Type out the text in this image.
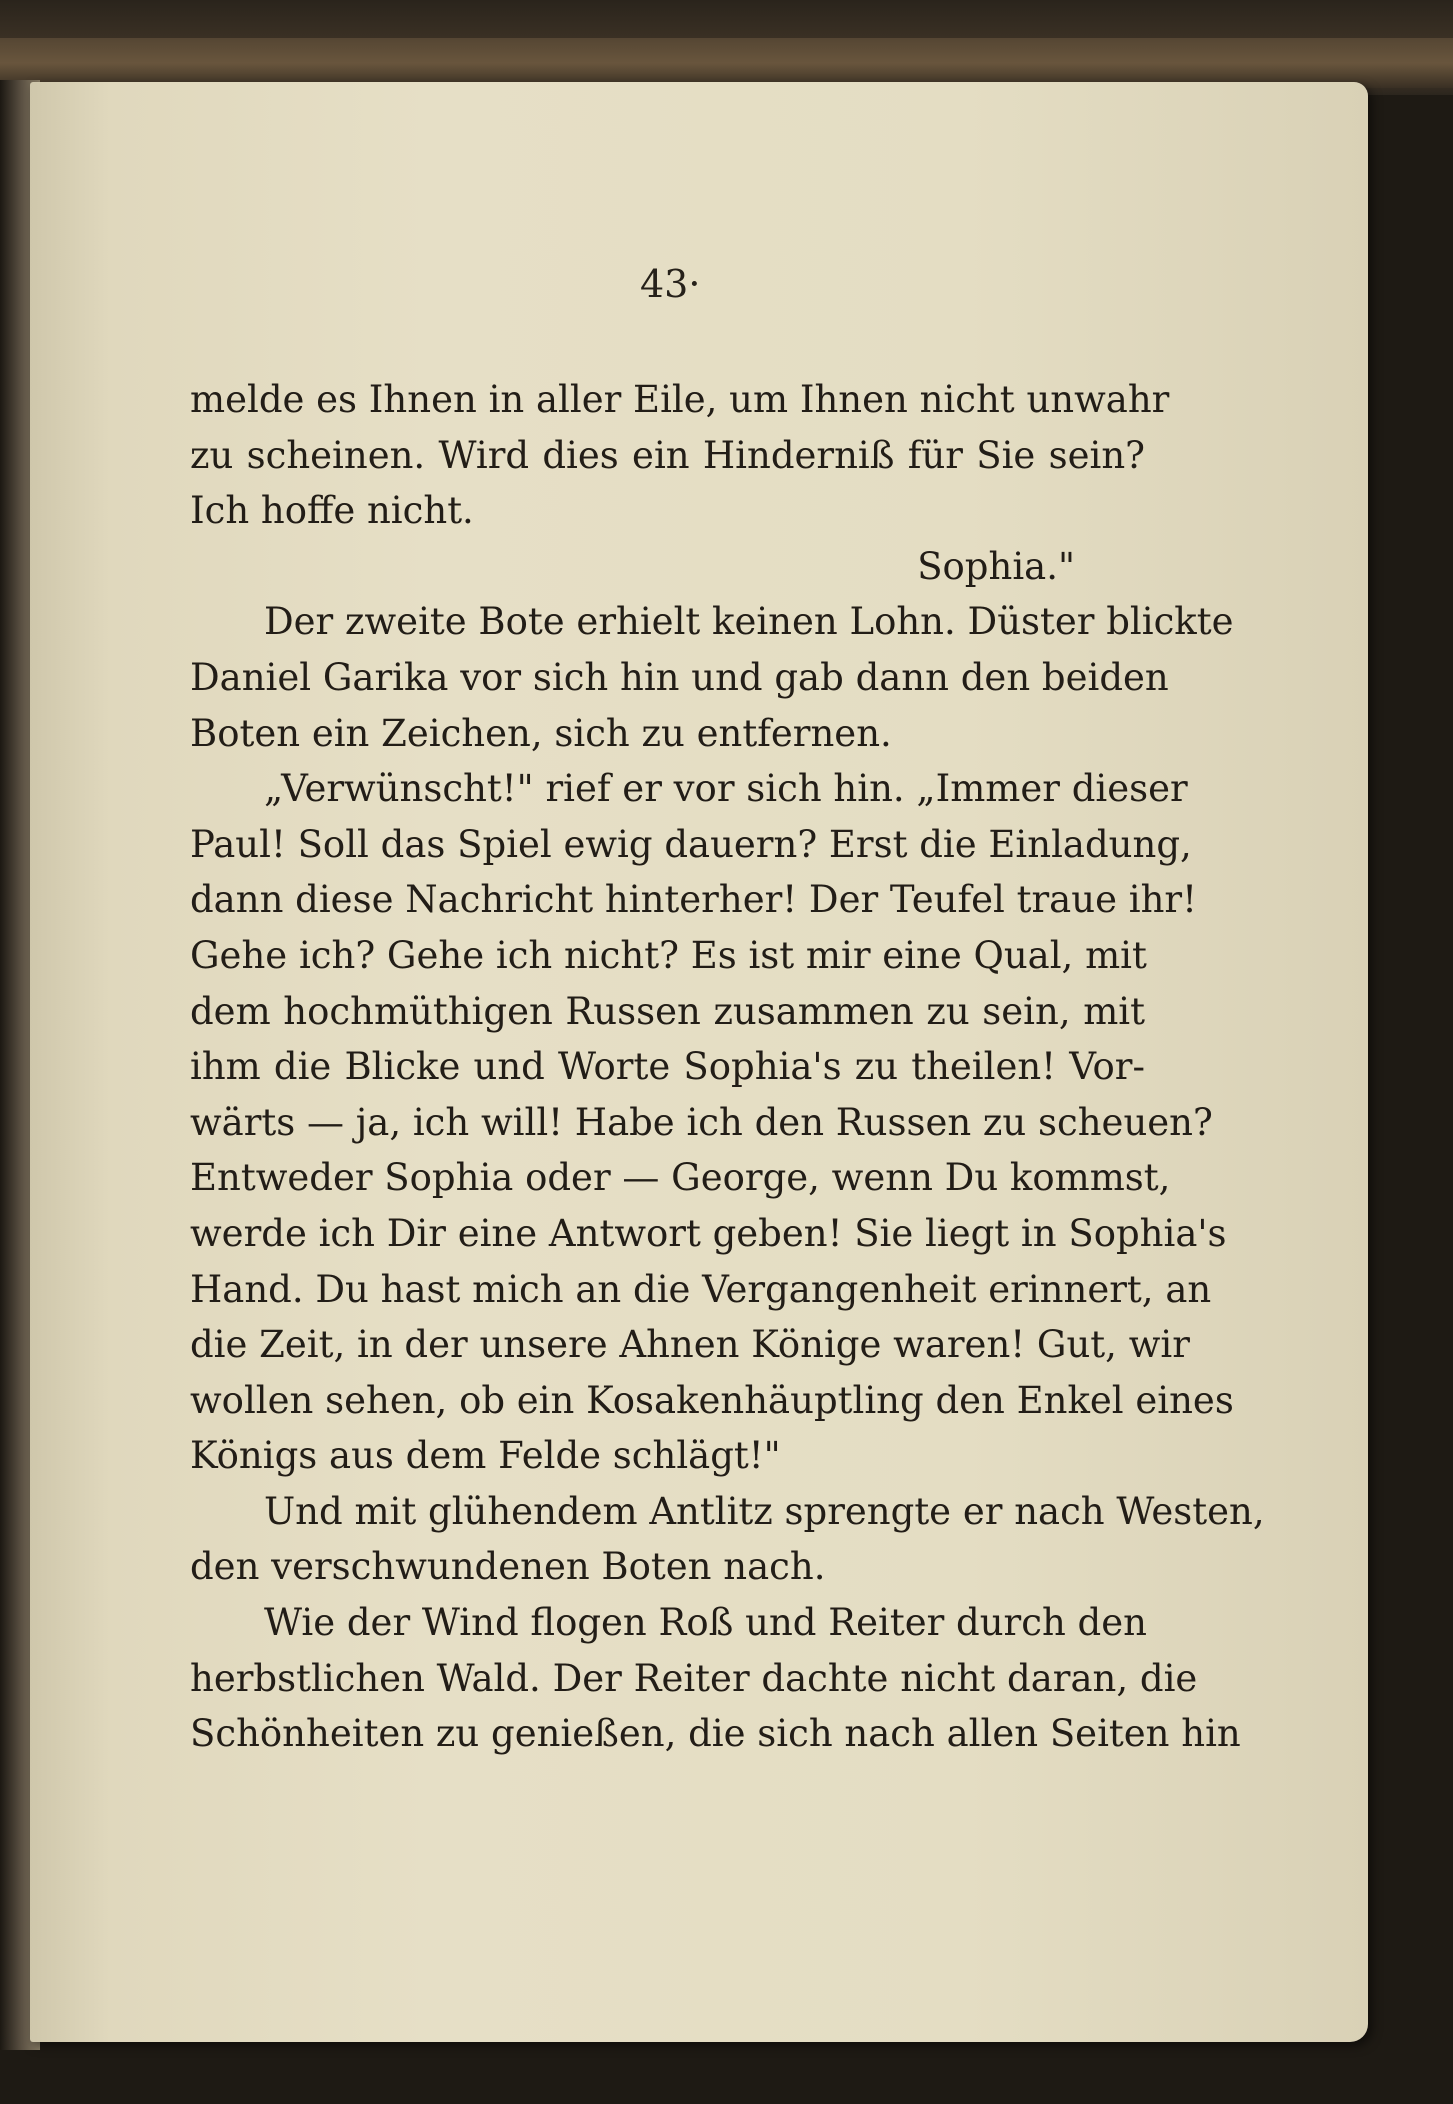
43·
melde es Ihnen in aller Eile, um Ihnen nicht unwahr
zu scheinen. Wird dies ein Hinderniß für Sie sein?
Ich hoffe nicht.
Sophia."
Der zweite Bote erhielt keinen Lohn. Düster blickte
Daniel Garika vor sich hin und gab dann den beiden
Boten ein Zeichen, sich zu entfernen.
„Verwünscht!" rief er vor sich hin. „Immer dieser
Paul! Soll das Spiel ewig dauern? Erst die Einladung,
dann diese Nachricht hinterher! Der Teufel traue ihr!
Gehe ich? Gehe ich nicht? Es ist mir eine Qual, mit
dem hochmüthigen Russen zusammen zu sein, mit
ihm die Blicke und Worte Sophia's zu theilen! Vor-
wärts — ja, ich will! Habe ich den Russen zu scheuen?
Entweder Sophia oder — George, wenn Du kommst,
werde ich Dir eine Antwort geben! Sie liegt in Sophia's
Hand. Du hast mich an die Vergangenheit erinnert, an
die Zeit, in der unsere Ahnen Könige waren! Gut, wir
wollen sehen, ob ein Kosakenhäuptling den Enkel eines
Königs aus dem Felde schlägt!"
Und mit glühendem Antlitz sprengte er nach Westen,
den verschwundenen Boten nach.
Wie der Wind flogen Roß und Reiter durch den
herbstlichen Wald. Der Reiter dachte nicht daran, die
Schönheiten zu genießen, die sich nach allen Seiten hin
